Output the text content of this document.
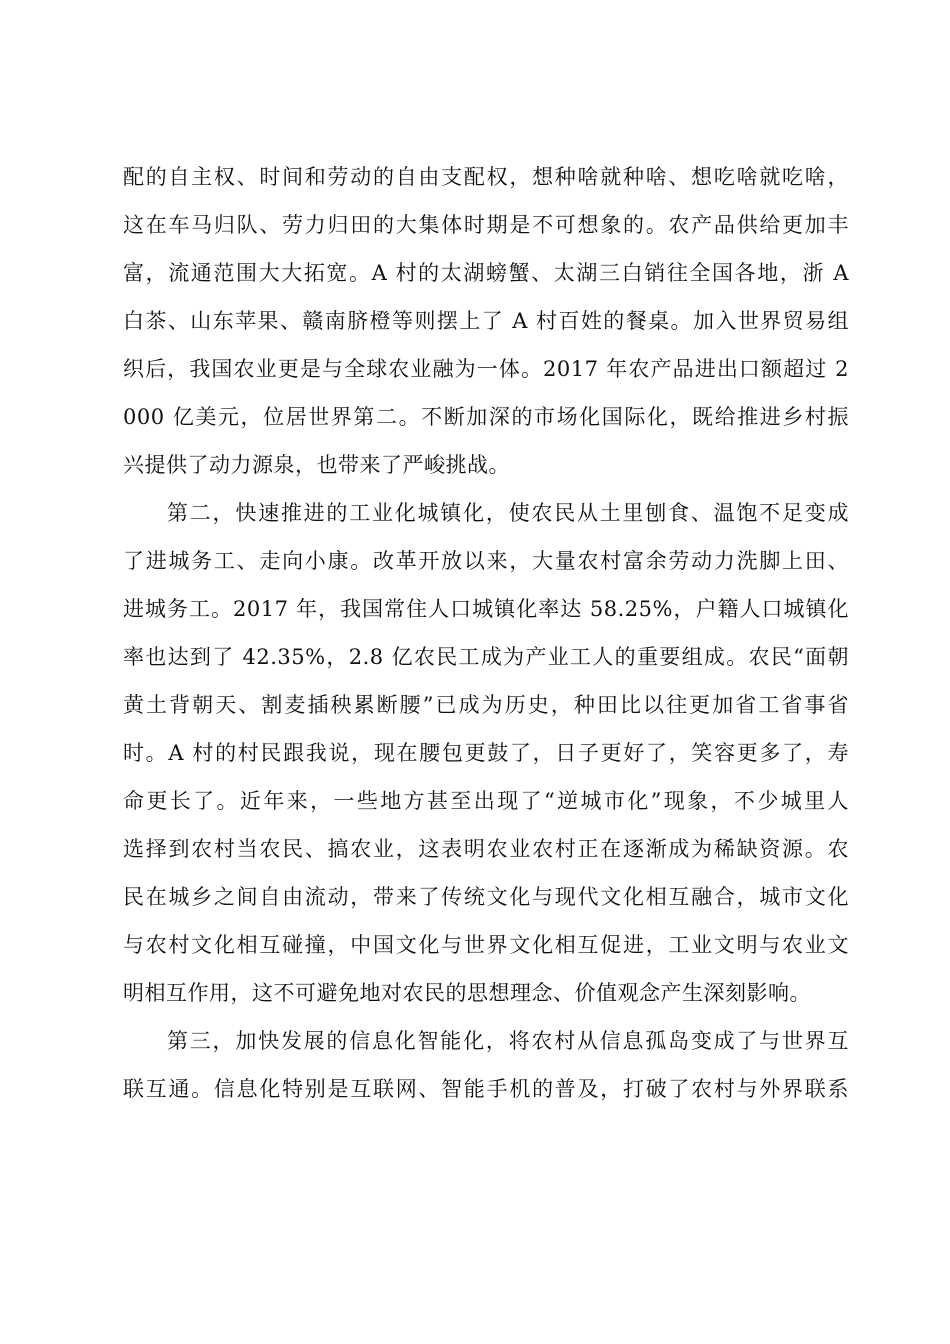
配的自主权、时间和劳动的自由支配权，想种啥就种啥、想吃啥就吃啥，
这在车马归队、劳力归田的大集体时期是不可想象的。农产品供给更加丰
富，流通范围大大拓宽。A 村的太湖螃蟹、太湖三白销往全国各地，浙 A
白茶、山东苹果、赣南脐橙等则摆上了 A 村百姓的餐桌。加入世界贸易组
织后，我国农业更是与全球农业融为一体。2017 年农产品进出口额超过 2
000 亿美元，位居世界第二。不断加深的市场化国际化，既给推进乡村振
兴提供了动力源泉，也带来了严峻挑战。
第二，快速推进的工业化城镇化，使农民从土里刨食、温饱不足变成
了进城务工、走向小康。改革开放以来，大量农村富余劳动力洗脚上田、
进城务工。2017 年，我国常住人口城镇化率达 58.25%，户籍人口城镇化
率也达到了 42.35%，2.8 亿农民工成为产业工人的重要组成。农民“面朝
黄土背朝天、割麦插秧累断腰”已成为历史，种田比以往更加省工省事省
时。A 村的村民跟我说，现在腰包更鼓了，日子更好了，笑容更多了，寿
命更长了。近年来，一些地方甚至出现了“逆城市化”现象，不少城里人
选择到农村当农民、搞农业，这表明农业农村正在逐渐成为稀缺资源。农
民在城乡之间自由流动，带来了传统文化与现代文化相互融合，城市文化
与农村文化相互碰撞，中国文化与世界文化相互促进，工业文明与农业文
明相互作用，这不可避免地对农民的思想理念、价值观念产生深刻影响。
第三，加快发展的信息化智能化，将农村从信息孤岛变成了与世界互
联互通。信息化特别是互联网、智能手机的普及，打破了农村与外界联系
